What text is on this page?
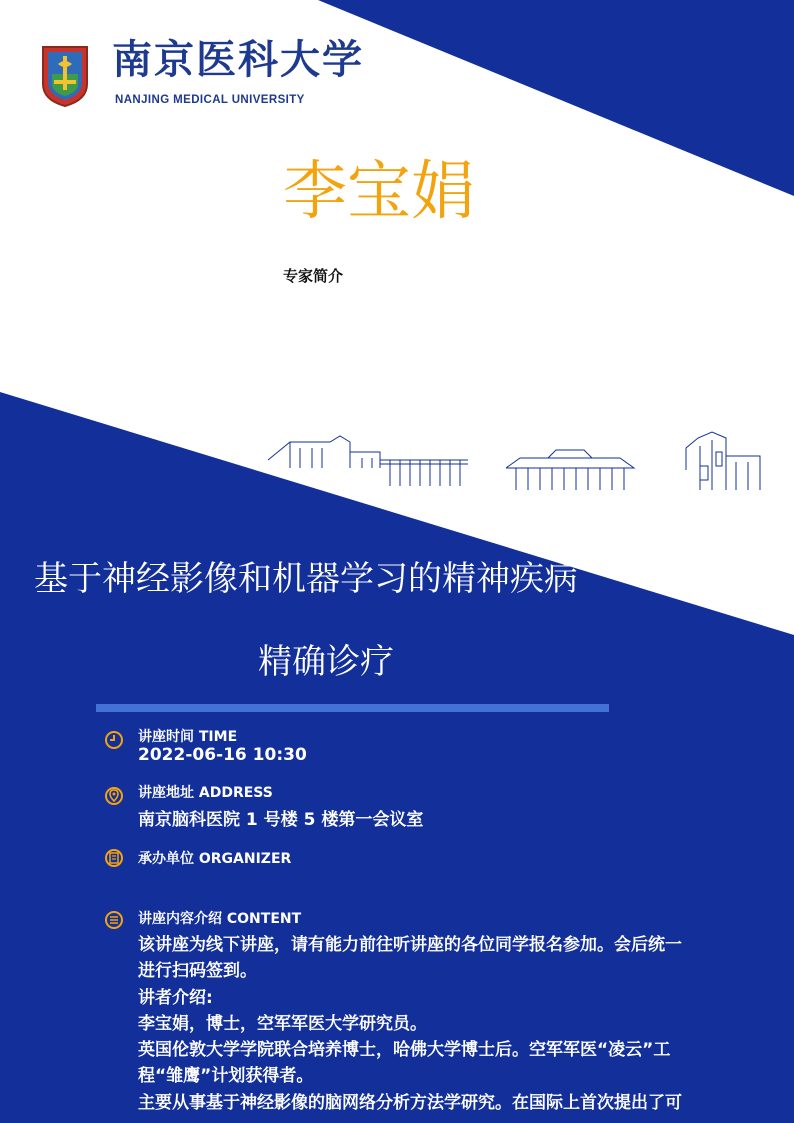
南京医科大学
NANJING MEDICAL UNIVERSITY
李宝娟
专家简介
基于神经影像和机器学习的精神疾病
精确诊疗
讲座时间 TIME
2022-06-16 10:30
讲座地址 ADDRESS
南京脑科医院 1 号楼 5 楼第一会议室
承办单位 ORGANIZER
讲座内容介绍 CONTENT
该讲座为线下讲座，请有能力前往听讲座的各位同学报名参加。会后统一
进行扫码签到。
讲者介绍:
李宝娟，博士，空军军医大学研究员。
英国伦敦大学学院联合培养博士，哈佛大学博士后。空军军医“凌云”工
程“雏鹰”计划获得者。
主要从事基于神经影像的脑网络分析方法学研究。在国际上首次提出了可
